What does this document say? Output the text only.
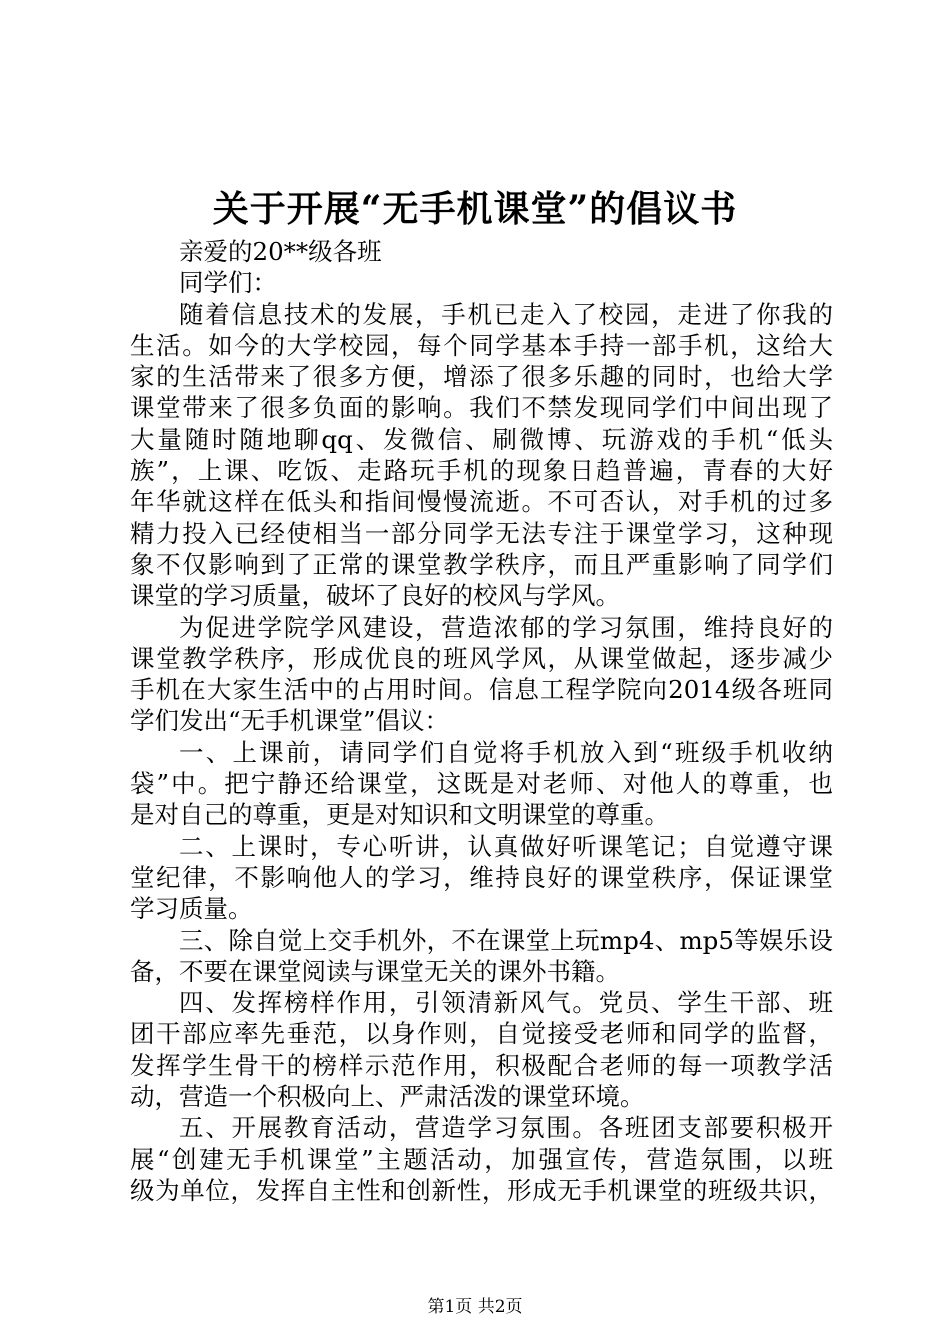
关于开展“无手机课堂”的倡议书
亲爱的20**级各班
同学们：
随着信息技术的发展，手机已走入了校园，走进了你我的
生活。如今的大学校园，每个同学基本手持一部手机，这给大
家的生活带来了很多方便，增添了很多乐趣的同时，也给大学
课堂带来了很多负面的影响。我们不禁发现同学们中间出现了
大量随时随地聊qq、发微信、刷微博、玩游戏的手机“低头
族”，上课、吃饭、走路玩手机的现象日趋普遍，青春的大好
年华就这样在低头和指间慢慢流逝。不可否认，对手机的过多
精力投入已经使相当一部分同学无法专注于课堂学习，这种现
象不仅影响到了正常的课堂教学秩序，而且严重影响了同学们
课堂的学习质量，破坏了良好的校风与学风。
为促进学院学风建设，营造浓郁的学习氛围，维持良好的
课堂教学秩序，形成优良的班风学风，从课堂做起，逐步减少
手机在大家生活中的占用时间。信息工程学院向2014级各班同
学们发出“无手机课堂”倡议：
一、上课前，请同学们自觉将手机放入到“班级手机收纳
袋”中。把宁静还给课堂，这既是对老师、对他人的尊重，也
是对自己的尊重，更是对知识和文明课堂的尊重。
二、上课时，专心听讲，认真做好听课笔记；自觉遵守课
堂纪律，不影响他人的学习，维持良好的课堂秩序，保证课堂
学习质量。
三、除自觉上交手机外，不在课堂上玩mp4、mp5等娱乐设
备，不要在课堂阅读与课堂无关的课外书籍。
四、发挥榜样作用，引领清新风气。党员、学生干部、班
团干部应率先垂范，以身作则，自觉接受老师和同学的监督，
发挥学生骨干的榜样示范作用，积极配合老师的每一项教学活
动，营造一个积极向上、严肃活泼的课堂环境。
五、开展教育活动，营造学习氛围。各班团支部要积极开
展“创建无手机课堂”主题活动，加强宣传，营造氛围，以班
级为单位，发挥自主性和创新性，形成无手机课堂的班级共识，
第1页 共2页
